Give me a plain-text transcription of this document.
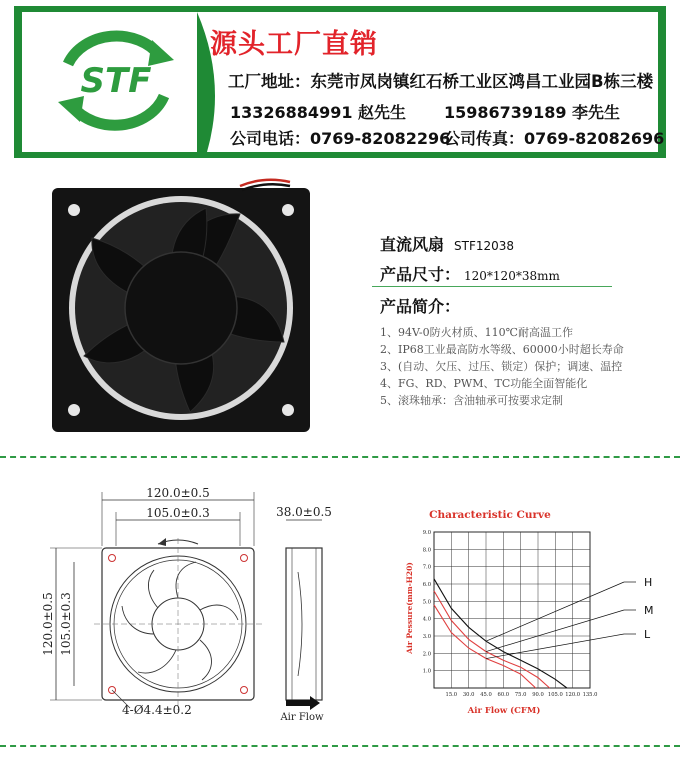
STF
源头工厂直销
工厂地址：东莞市凤岗镇红石桥工业区鸿昌工业园B栋三楼
13326884991 赵先生 15986739189 李先生
公司电话：0769-82082296公司传真：0769-82082696
直流风扇 STF12038
产品尺寸： 120*120*38mm
产品简介：
1、94V-0防火材质、110℃耐高温工作
2、IP68工业最高防水等级、60000小时超长寿命
3、(自动、欠压、过压、锁定）保护；调速、温控
4、FG、RD、PWM、TC功能全面智能化
5、滚珠轴承：含油轴承可按要求定制
120.0±0.5
105.0±0.3
120.0±0.5 105.0±0.3
4-Ø4.4±0.2
38.0±0.5
Air Flow
Characteristic Curve
15.0 30.0 45.0 60.0 75.0 90.0 105.0 120.0 135.0
1.0
2.0
3.0
4.0
5.0
6.0
7.0
8.0
9.0
H
M
L
Air Flow (CFM)
Air Pessure(mm-H20)
